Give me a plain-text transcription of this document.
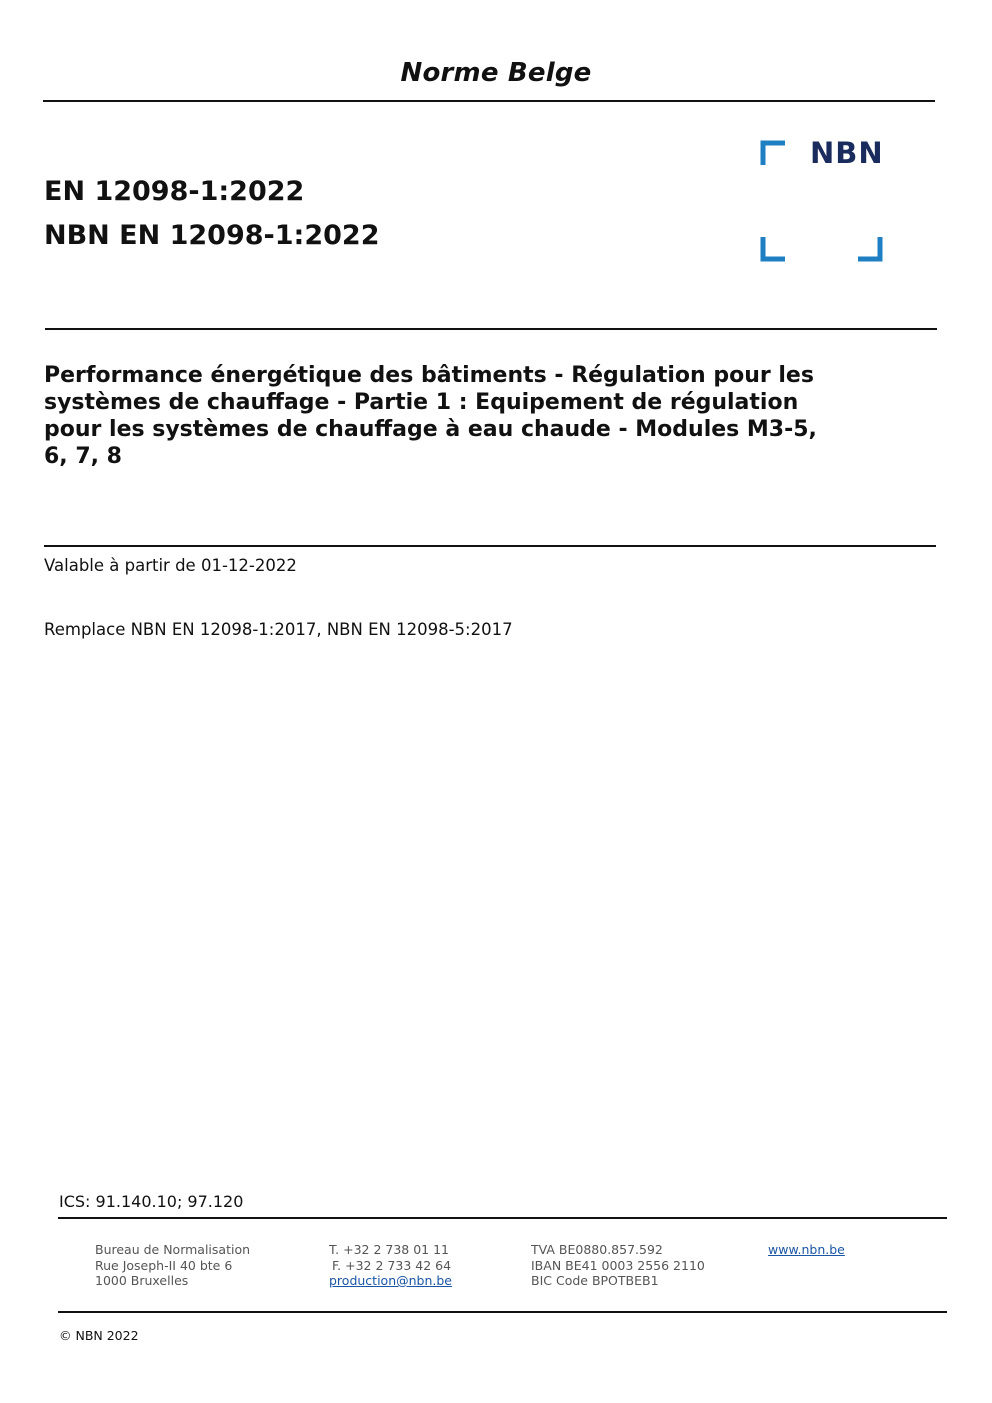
Norme Belge
EN 12098-1:2022
NBN EN 12098-1:2022
NBN
Performance énergétique des bâtiments - Régulation pour les
systèmes de chauffage - Partie 1 : Equipement de régulation
pour les systèmes de chauffage à eau chaude - Modules M3-5,
6, 7, 8
Valable à partir de 01-12-2022
Remplace NBN EN 12098-1:2017, NBN EN 12098-5:2017
ICS: 91.140.10; 97.120
Bureau de Normalisation
Rue Joseph-II 40 bte 6
1000 Bruxelles
T. +32 2 738 01 11
F. +32 2 733 42 64
production@nbn.be
TVA BE0880.857.592
IBAN BE41 0003 2556 2110
BIC Code BPOTBEB1
www.nbn.be
© NBN 2022
